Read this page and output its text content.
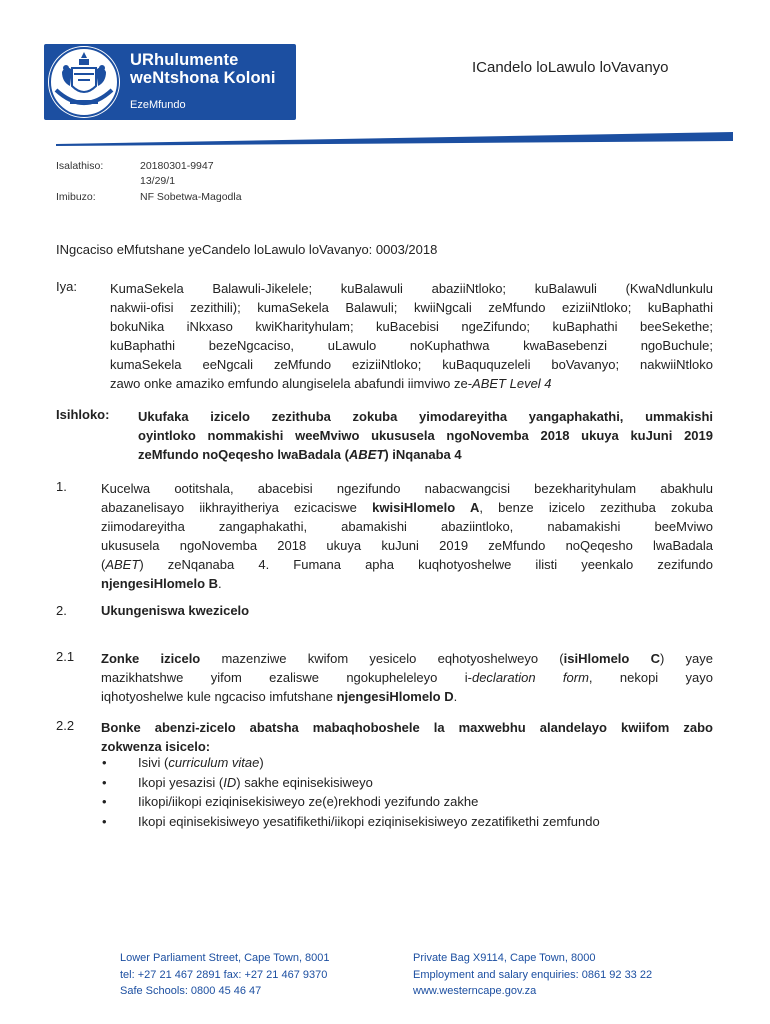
URhulumente
weNtshona Koloni
EzeMfundo
ICandelo loLawulo loVavanyo
Isalathiso:	20180301-9947
13/29/1
Imibuzo:	NF Sobetwa-Magodla
INgcaciso eMfutshane yeCandelo loLawulo loVavanyo: 0003/2018
Iya:	KumaSekela Balawuli-Jikelele; kuBalawuli abaziiNtloko; kuBalawuli (KwaNdlunkulu
nakwii-ofisi zezithili); kumaSekela Balawuli; kwiiNgcali zeMfundo eziziiNtloko; kuBaphathi
bokuNika iNkxaso kwiKharityhulam; kuBacebisi ngeZifundo; kuBaphathi beeSekethe;
kuBaphathi bezeNgcaciso, uLawulo noKuphathwa kwaBasebenzi ngoBuchule;
kumaSekela eeNgcali zeMfundo eziziiNtloko; kuBaququzeleli boVavanyo; nakwiiNtloko
zawo onke amaziko emfundo alungiselela abafundi iimviwo ze-ABET Level 4
Isihloko: Ukufaka izicelo zezithuba zokuba yimodareyitha yangaphakathi, ummakishi
oyintloko nommakishi weeMviwo ukususela ngoNovemba 2018 ukuya kuJuni 2019
zeMfundo noQeqesho lwaBadala (ABET) iNqanaba 4
1.	Kucelwa ootitshala, abacebisi ngezifundo nabacwangcisi bezekharityhulam abakhulu
abazanelisayo iikhrayitheriya ezicaciswe kwisiHlomelo A, benze izicelo zezithuba zokuba
ziimodareyitha zangaphakathi, abamakishi abaziintloko, nabamakishi beeMviwo
ukususela ngoNovemba 2018 ukuya kuJuni 2019 zeMfundo noQeqesho lwaBadala
(ABET) zeNqanaba 4. Fumana apha kuqhotyoshelwe ilisti yeenkalo zezifundo
njengesiHlomelo B.
2.	Ukungeniswa kwezicelo
2.1 Zonke izicelo mazenziwe kwifom yesicelo eqhotyoshelweyo (isiHlomelo C) yaye
mazikhatshwe yifom ezaliswe ngokupheleleyo i-declaration form, nekopi yayo
iqhotyoshelwe kule ngcaciso imfutshane njengesiHlomelo D.
2.2 Bonke abenzi-zicelo abatsha mabaqhoboshele la maxwebhu alandelayo kwiifom zabo
zokwenza isicelo:
• Isivi (curriculum vitae)
• Ikopi yesazisi (ID) sakhe eqinisekisiweyo
• Iikopi/iikopi eziqinisekisiweyo ze(e)rekhodi yezifundo zakhe
• Ikopi eqinisekisiweyo yesatifikethi/iikopi eziqinisekisiweyo zezatifikethi zemfundo
Lower Parliament Street, Cape Town, 8001
tel: +27 21 467 2891 fax: +27 21 467 9370
Safe Schools: 0800 45 46 47
Private Bag X9114, Cape Town, 8000
Employment and salary enquiries: 0861 92 33 22
www.westerncape.gov.za
